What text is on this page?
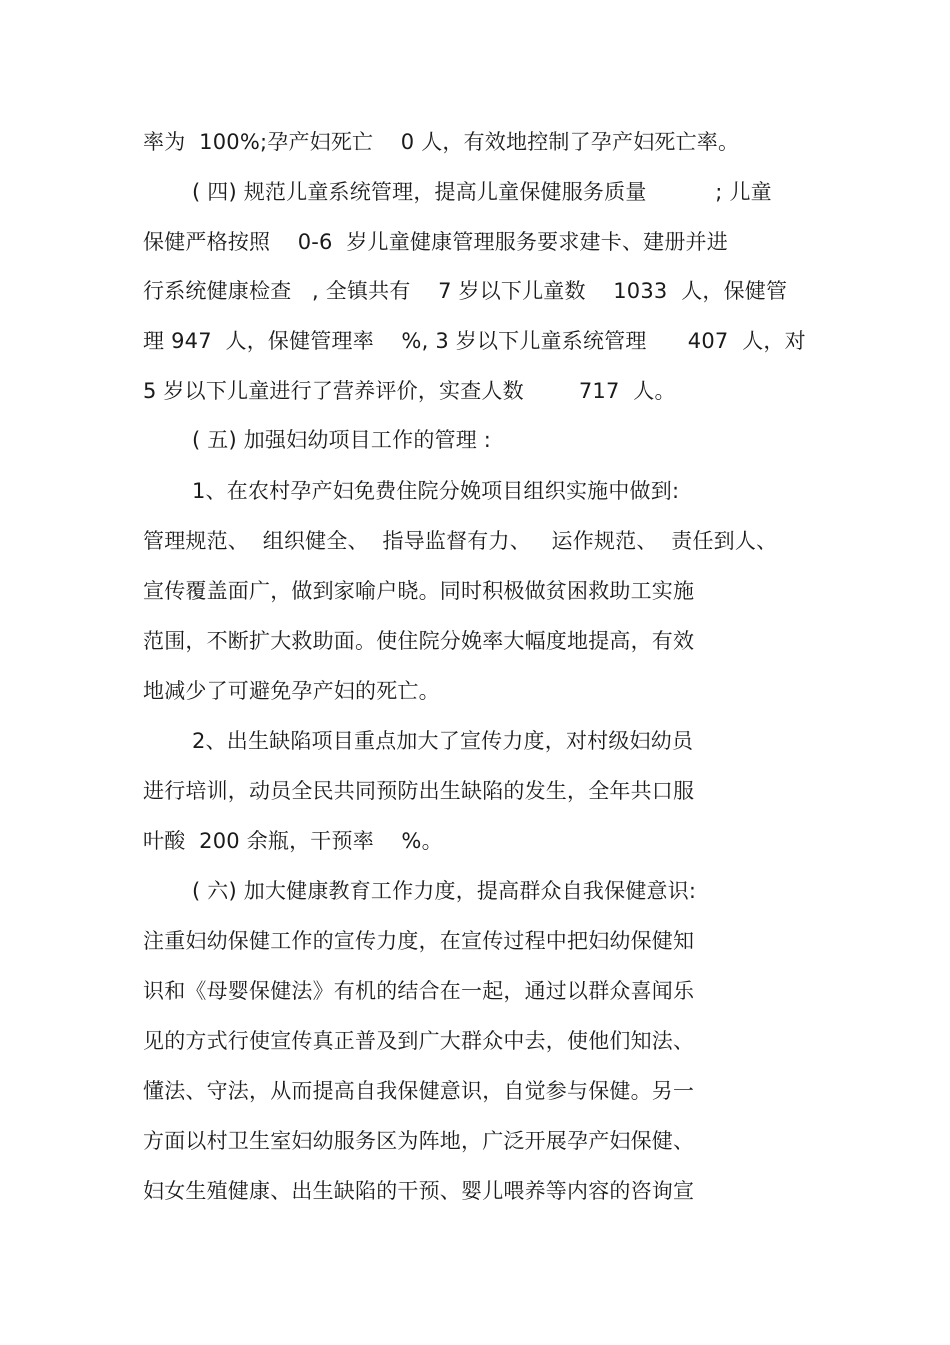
率为  100%;孕产妇死亡    0 人，有效地控制了孕产妇死亡率。
( 四) 规范儿童系统管理，提高儿童保健服务质量          ; 儿童
保健严格按照    0-6  岁儿童健康管理服务要求建卡、建册并进
行系统健康检查   , 全镇共有    7 岁以下儿童数    1033  人，保健管
理 947  人，保健管理率    %, 3 岁以下儿童系统管理      407  人，对
5 岁以下儿童进行了营养评价，实查人数        717  人。
( 五) 加强妇幼项目工作的管理 :
1、在农村孕产妇免费住院分娩项目组织实施中做到:
管理规范、  组织健全、  指导监督有力、   运作规范、  责任到人、
宣传覆盖面广，做到家喻户晓。同时积极做贫困救助工实施
范围，不断扩大救助面。使住院分娩率大幅度地提高，有效
地减少了可避免孕产妇的死亡。
2、出生缺陷项目重点加大了宣传力度，对村级妇幼员
进行培训，动员全民共同预防出生缺陷的发生，全年共口服
叶酸  200 余瓶，干预率    %。
( 六) 加大健康教育工作力度，提高群众自我保健意识:
注重妇幼保健工作的宣传力度，在宣传过程中把妇幼保健知
识和《母婴保健法》有机的结合在一起，通过以群众喜闻乐
见的方式行使宣传真正普及到广大群众中去，使他们知法、
懂法、守法，从而提高自我保健意识，自觉参与保健。另一
方面以村卫生室妇幼服务区为阵地，广泛开展孕产妇保健、
妇女生殖健康、出生缺陷的干预、婴儿喂养等内容的咨询宣
